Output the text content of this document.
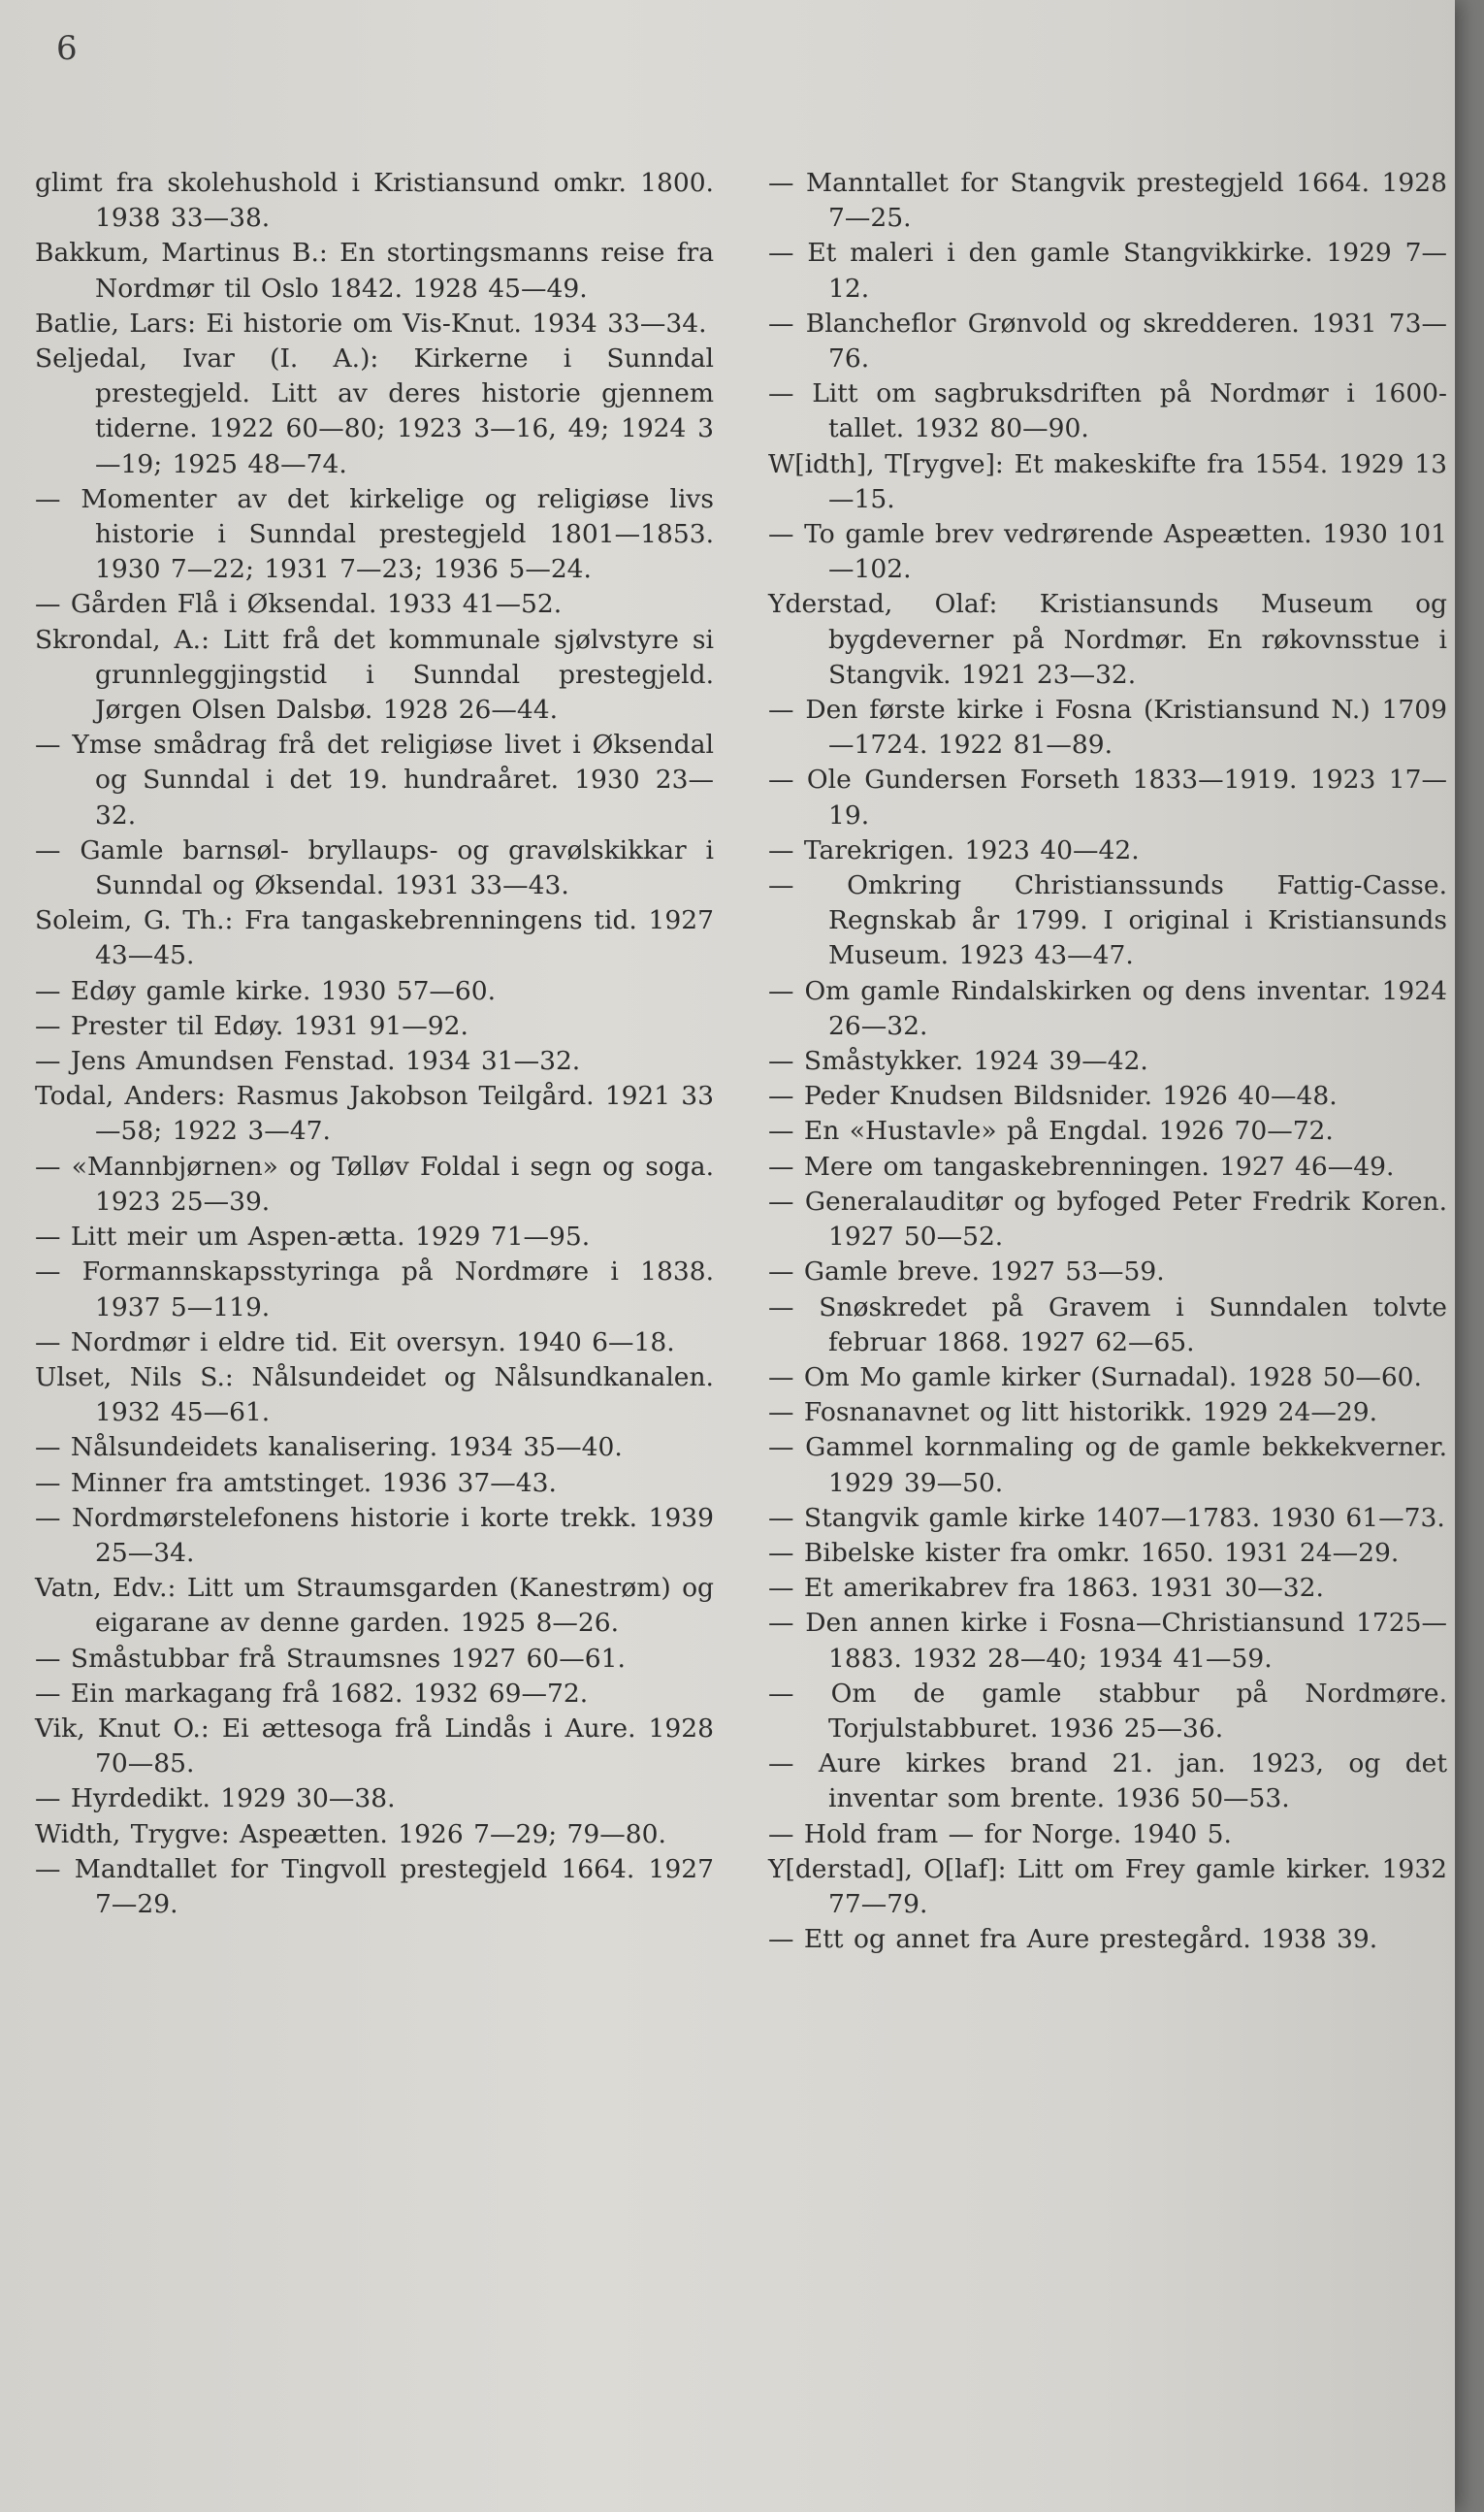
6

glimt fra skolehushold i Kristiansund omkr. 1800. 1938 33—38.

Bakkum, Martinus B.: En stortingsmanns reise fra Nordmør til Oslo 1842. 1928 45—49.

Batlie, Lars: Ei historie om Vis-Knut. 1934 33—34.

Seljedal, Ivar (I. A.): Kirkerne i Sunndal prestegjeld. Litt av deres historie gjennem tiderne. 1922 60—80; 1923 3—16, 49; 1924 3—19; 1925 48—74.

— Momenter av det kirkelige og religiøse livs historie i Sunndal prestegjeld 1801—1853. 1930 7—22; 1931 7—23; 1936 5—24.

— Gården Flå i Øksendal. 1933 41—52.

Skrondal, A.: Litt frå det kommunale sjølvstyre si grunnleggjingstid i Sunndal prestegjeld. Jørgen Olsen Dalsbø. 1928 26—44.

— Ymse smådrag frå det religiøse livet i Øksendal og Sunndal i det 19. hundraåret. 1930 23—32.

— Gamle barnsøl- bryllaups- og gravølskikkar i Sunndal og Øksendal. 1931 33—43.

Soleim, G. Th.: Fra tangaskebrenningens tid. 1927 43—45.

— Edøy gamle kirke. 1930 57—60.

— Prester til Edøy. 1931 91—92.

— Jens Amundsen Fenstad. 1934 31—32.

Todal, Anders: Rasmus Jakobson Teilgård. 1921 33—58; 1922 3—47.

— «Mannbjørnen» og Tølløv Foldal i segn og soga. 1923 25—39.

— Litt meir um Aspen-ætta. 1929 71—95.

— Formannskapsstyringa på Nordmøre i 1838. 1937 5—119.

— Nordmør i eldre tid. Eit oversyn. 1940 6—18.

Ulset, Nils S.: Nålsundeidet og Nålsundkanalen. 1932 45—61.

— Nålsundeidets kanalisering. 1934 35—40.

— Minner fra amtstinget. 1936 37—43.

— Nordmørstelefonens historie i korte trekk. 1939 25—34.

Vatn, Edv.: Litt um Straumsgarden (Kanestrøm) og eigarane av denne garden. 1925 8—26.

— Småstubbar frå Straumsnes 1927 60—61.

— Ein markagang frå 1682. 1932 69—72.

Vik, Knut O.: Ei ættesoga frå Lindås i Aure. 1928 70—85.

— Hyrdedikt. 1929 30—38.

Width, Trygve: Aspeætten. 1926 7—29; 79—80.

— Mandtallet for Tingvoll prestegjeld 1664. 1927 7—29.

— Manntallet for Stangvik prestegjeld 1664. 1928 7—25.

— Et maleri i den gamle Stangvikkirke. 1929 7—12.

— Blancheflor Grønvold og skredderen. 1931 73—76.

— Litt om sagbruksdriften på Nordmør i 1600-tallet. 1932 80—90.

W[idth], T[rygve]: Et makeskifte fra 1554. 1929 13—15.

— To gamle brev vedrørende Aspeætten. 1930 101—102.

Yderstad, Olaf: Kristiansunds Museum og bygdeverner på Nordmør. En røkovnsstue i Stangvik. 1921 23—32.

— Den første kirke i Fosna (Kristiansund N.) 1709—1724. 1922 81—89.

— Ole Gundersen Forseth 1833—1919. 1923 17—19.

— Tarekrigen. 1923 40—42.

— Omkring Christianssunds Fattig-Casse. Regnskab år 1799. I original i Kristiansunds Museum. 1923 43—47.

— Om gamle Rindalskirken og dens inventar. 1924 26—32.

— Småstykker. 1924 39—42.

— Peder Knudsen Bildsnider. 1926 40—48.

— En «Hustavle» på Engdal. 1926 70—72.

— Mere om tangaskebrenningen. 1927 46—49.

— Generalauditør og byfoged Peter Fredrik Koren. 1927 50—52.

— Gamle breve. 1927 53—59.

— Snøskredet på Gravem i Sunndalen tolvte februar 1868. 1927 62—65.

— Om Mo gamle kirker (Surnadal). 1928 50—60.

— Fosnanavnet og litt historikk. 1929 24—29.

— Gammel kornmaling og de gamle bekkekverner. 1929 39—50.

— Stangvik gamle kirke 1407—1783. 1930 61—73.

— Bibelske kister fra omkr. 1650. 1931 24—29.

— Et amerikabrev fra 1863. 1931 30—32.

— Den annen kirke i Fosna—Christiansund 1725—1883. 1932 28—40; 1934 41—59.

— Om de gamle stabbur på Nordmøre. Torjulstabburet. 1936 25—36.

— Aure kirkes brand 21. jan. 1923, og det inventar som brente. 1936 50—53.

— Hold fram — for Norge. 1940 5.

Y[derstad], O[laf]: Litt om Frey gamle kirker. 1932 77—79.

— Ett og annet fra Aure prestegård. 1938 39.
